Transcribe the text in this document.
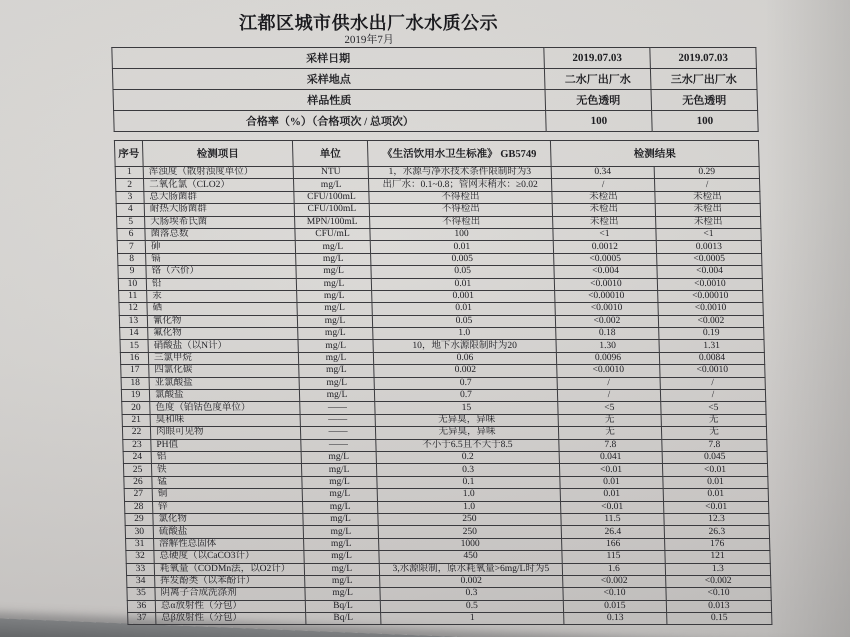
江都区城市供水出厂水水质公示
2019年7月
采样日期	2019.07.03	2019.07.03
采样地点	二水厂出厂水	三水厂出厂水
样品性质	无色透明	无色透明
合格率（%）（合格项次 / 总项次）	100	100
序号	检测项目	单位	《生活饮用水卫生标准》 GB5749	检测结果	
1	浑浊度（散射浊度单位）	NTU	1，水源与净水技术条件限制时为3	0.34	0.29
2	二氧化氯（CLO2）	mg/L	出厂水：0.1~0.8；管网末稍水：≥0.02	/	/
3	总大肠菌群	CFU/100mL	不得检出	未检出	未检出
4	耐热大肠菌群	CFU/100mL	不得检出	未检出	未检出
5	大肠埃希氏菌	MPN/100mL	不得检出	未检出	未检出
6	菌落总数	CFU/mL	100	<1	<1
7	砷	mg/L	0.01	0.0012	0.0013
8	镉	mg/L	0.005	<0.0005	<0.0005
9	铬（六价）	mg/L	0.05	<0.004	<0.004
10	铅	mg/L	0.01	<0.0010	<0.0010
11	汞	mg/L	0.001	<0.00010	<0.00010
12	硒	mg/L	0.01	<0.0010	<0.0010
13	氰化物	mg/L	0.05	<0.002	<0.002
14	氟化物	mg/L	1.0	0.18	0.19
15	硝酸盐（以N计）	mg/L	10，地下水源限制时为20	1.30	1.31
16	三氯甲烷	mg/L	0.06	0.0096	0.0084
17	四氯化碳	mg/L	0.002	<0.0010	<0.0010
18	亚氯酸盐	mg/L	0.7	/	/
19	氯酸盐	mg/L	0.7	/	/
20	色度（铂钴色度单位）	——	15	<5	<5
21	臭和味	——	无异臭，异味	无	无
22	肉眼可见物	——	无异臭，异味	无	无
23	PH值	——	不小于6.5且不大于8.5	7.8	7.8
24	铝	mg/L	0.2	0.041	0.045
25	铁	mg/L	0.3	<0.01	<0.01
26	锰	mg/L	0.1	0.01	0.01
27	铜	mg/L	1.0	0.01	0.01
28	锌	mg/L	1.0	<0.01	<0.01
29	氯化物	mg/L	250	11.5	12.3
30	硫酸盐	mg/L	250	26.4	26.3
31	溶解性总固体	mg/L	1000	166	176
32	总硬度（以CaCO3计）	mg/L	450	115	121
33	耗氧量（CODMn法，以O2计）	mg/L	3,水源限制，原水耗氧量>6mg/L时为5	1.6	1.3
34	挥发酚类（以苯酚计）	mg/L	0.002	<0.002	<0.002
35	阴离子合成洗涤剂	mg/L	0.3	<0.10	<0.10
36	总α放射性（分包）	Bq/L	0.5	0.015	0.013
37	总β放射性（分包）	Bq/L	1	0.13	0.15
